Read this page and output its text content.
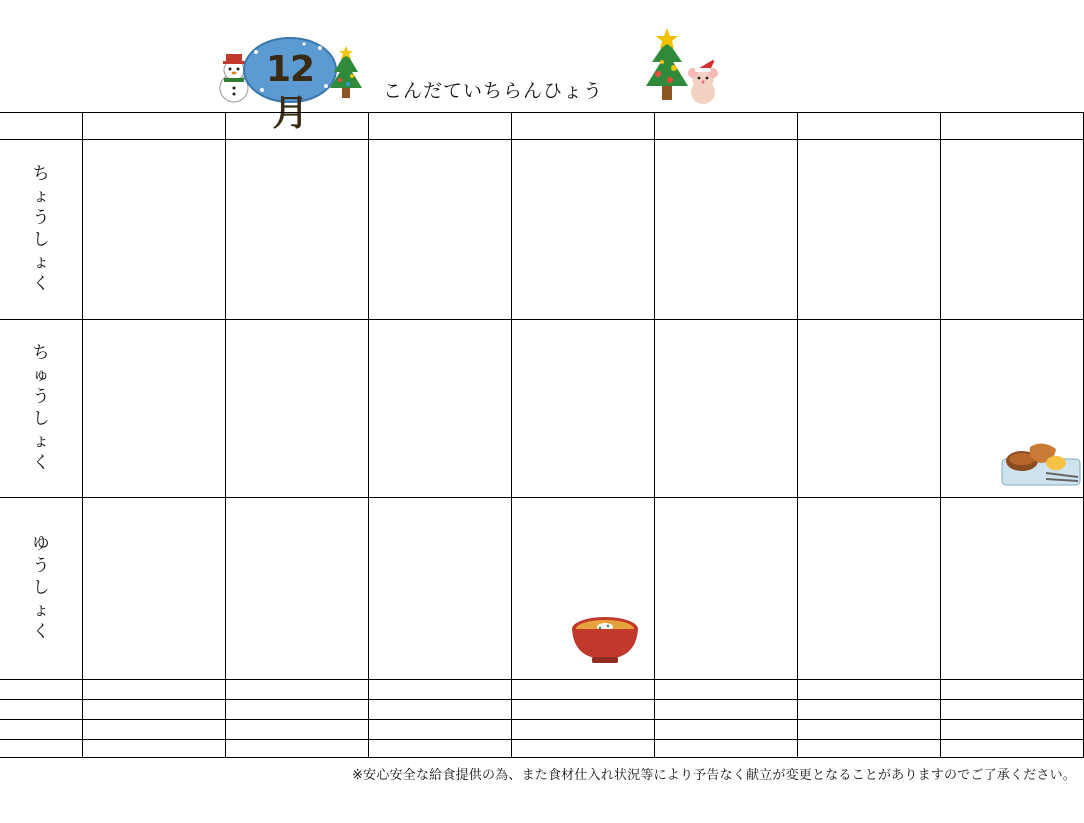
12月
こんだていちらんひょう
ち
ょ
う
し
ょ
く
ち
ゅ
う
し
ょ
く
ゆ
う
し
ょ
く
※安心安全な給食提供の為、また食材仕入れ状況等により予告なく献立が変更となることがありますのでご了承ください。
